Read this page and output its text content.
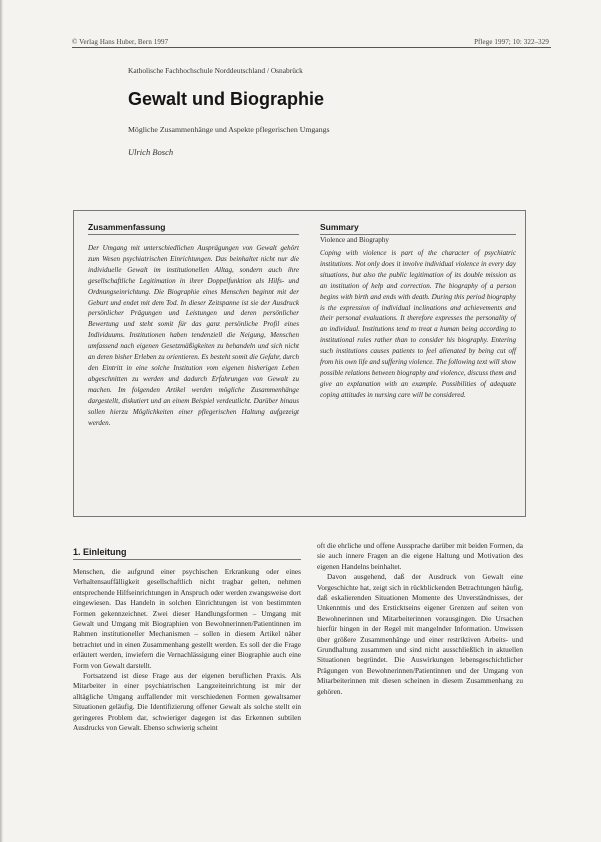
© Verlag Hans Huber, Bern 1997	Pflege 1997; 10: 322–329
Katholische Fachhochschule Norddeutschland / Osnabrück
Gewalt und Biographie
Mögliche Zusammenhänge und Aspekte pflegerischen Umgangs
Ulrich Bosch
Zusammenfassung

Der Umgang mit unterschiedlichen Ausprägungen von Gewalt gehört zum Wesen psychiatrischen Einrichtungen. Das beinhaltet nicht nur die individuelle Gewalt im institutionellen Alltag, sondern auch ihre gesellschaftliche Legitimation in ihrer Doppelfunktion als Hilfs- und Ordnungseinrichtung. Die Biographie eines Menschen beginnt mit der Geburt und endet mit dem Tod. In dieser Zeitspanne ist sie der Ausdruck persönlicher Prägungen und Leistungen und deren persönlicher Bewertung und steht somit für das ganz persönliche Profil eines Individuums. Institutionen haben tendenziell die Neigung, Menschen umfassend nach eigenen Gesetzmäßigkeiten zu behandeln und sich nicht an deren bisher Erleben zu orientieren. Es besteht somit die Gefahr, durch den Eintritt in eine solche Institution vom eigenen bisherigen Leben abgeschnitten zu werden und dadurch Erfahrungen von Gewalt zu machen. Im folgenden Artikel werden mögliche Zusammenhänge dargestellt, diskutiert und an einem Beispiel verdeutlicht. Darüber hinaus sollen hierzu Möglichkeiten einer pflegerischen Haltung aufgezeigt werden.

Summary
Violence and Biography

Coping with violence is part of the character of psychiatric institutions. Not only does it involve individual violence in every day situations, but also the public legitimation of its double mission as an institution of help and correction. The biography of a person begins with birth and ends with death. During this period biography is the expression of individual inclinations and achievements and their personal evaluations. It therefore expresses the personality of an individual. Institutions tend to treat a human being according to institutional rules rather than to consider his biography. Entering such institutions causes patients to feel alienated by being cut off from his own life and suffering violence. The following text will show possible relations between biography and violence, discuss them and give an explanation with an example. Possibilities of adequate coping attitudes in nursing care will be considered.

1. Einleitung

Menschen, die aufgrund einer psychischen Erkrankung oder eines Verhaltensauffälligkeit gesellschaftlich nicht tragbar gelten, nehmen entsprechende Hilfseinrichtungen in Anspruch oder werden zwangsweise dort eingewiesen. Das Handeln in solchen Einrichtungen ist von bestimmten Formen gekennzeichnet. Zwei dieser Handlungsformen – Umgang mit Gewalt und Umgang mit Biographien von Bewohnerinnen/Patientinnen im Rahmen institutioneller Mechanismen – sollen in diesem Artikel näher betrachtet und in einen Zusammenhang gestellt werden. Es soll der die Frage erläutert werden, inwiefern die Vernachlässigung einer Biographie auch eine Form von Gewalt darstellt.

Fortsatzend ist diese Frage aus der eigenen beruflichen Praxis. Als Mitarbeiter in einer psychiatrischen Langzeiteinrichtung ist mir der alltägliche Umgang auffallender mit verschiedenen Formen gewaltsamer Situationen geläufig. Die Identifizierung offener Gewalt als solche stellt ein geringeres Problem dar, schwieriger dagegen ist das Erkennen subtilen Ausdrucks von Gewalt. Ebenso schwierig scheint

oft die ehrliche und offene Aussprache darüber mit beiden Formen, da sie auch innere Fragen an die eigene Haltung und Motivation des eigenen Handelns beinhaltet.

Davon ausgehend, daß der Ausdruck von Gewalt eine Vorgeschichte hat, zeigt sich in rückblickenden Betrachtungen häufig, daß eskalierenden Situationen Momente des Unverständnisses, der Unkenntnis und des Ersticktseins eigener Grenzen auf seiten von Bewohnerinnen und Mitarbeiterinnen vorausgingen. Die Ursachen hierfür hingen in der Regel mit mangelnder Information. Unwissen über größere Zusammenhänge und einer restriktiven Arbeits- und Grundhaltung zusammen und sind nicht ausschließlich in aktuellen Situationen begründet. Die Auswirkungen lebensgeschichtlicher Prägungen von Bewohnerinnen/Patientinnen und der Umgang von Mitarbeiterinnen mit diesen scheinen in diesem Zusammenhang zu gehören.
